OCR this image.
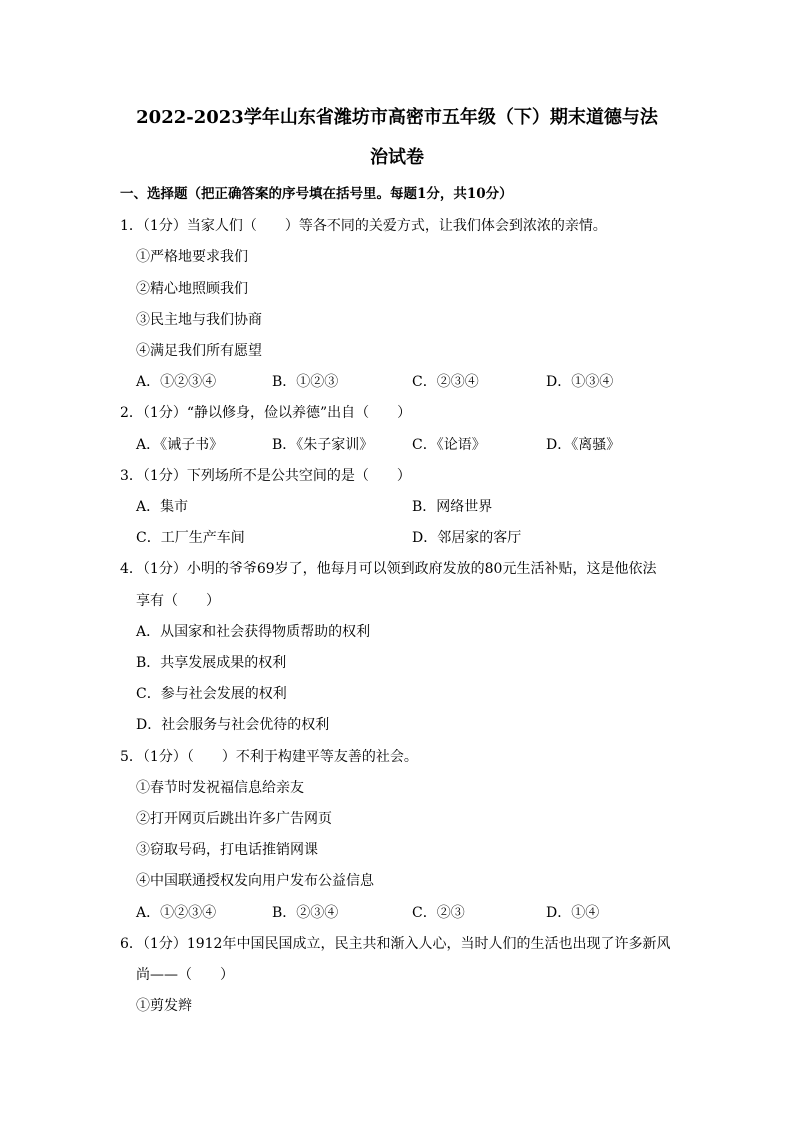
2022-2023学年山东省潍坊市高密市五年级（下）期末道德与法
治试卷
一、选择题（把正确答案的序号填在括号里。每题1分，共10分）
1．（1分）当家人们（　　）等各不同的关爱方式，让我们体会到浓浓的亲情。
①严格地要求我们
②精心地照顾我们
③民主地与我们协商
④满足我们所有愿望
A．①②③④	B．①②③	C．②③④	D．①③④
2．（1分）“静以修身，俭以养德”出自（　　）
A．《诫子书》	B．《朱子家训》	C．《论语》	D．《离骚》
3．（1分）下列场所不是公共空间的是（　　）
A．集市	B．网络世界
C．工厂生产车间	D．邻居家的客厅
4．（1分）小明的爷爷69岁了，他每月可以领到政府发放的80元生活补贴，这是他依法
享有（　　）
A．从国家和社会获得物质帮助的权利
B．共享发展成果的权利
C．参与社会发展的权利
D．社会服务与社会优待的权利
5．（1分）（　　）不利于构建平等友善的社会。
①春节时发祝福信息给亲友
②打开网页后跳出许多广告网页
③窃取号码，打电话推销网课
④中国联通授权发向用户发布公益信息
A．①②③④	B．②③④	C．②③	D．①④
6．（1分）1912年中国民国成立，民主共和渐入人心，当时人们的生活也出现了许多新风
尚——（　　）
①剪发辫
